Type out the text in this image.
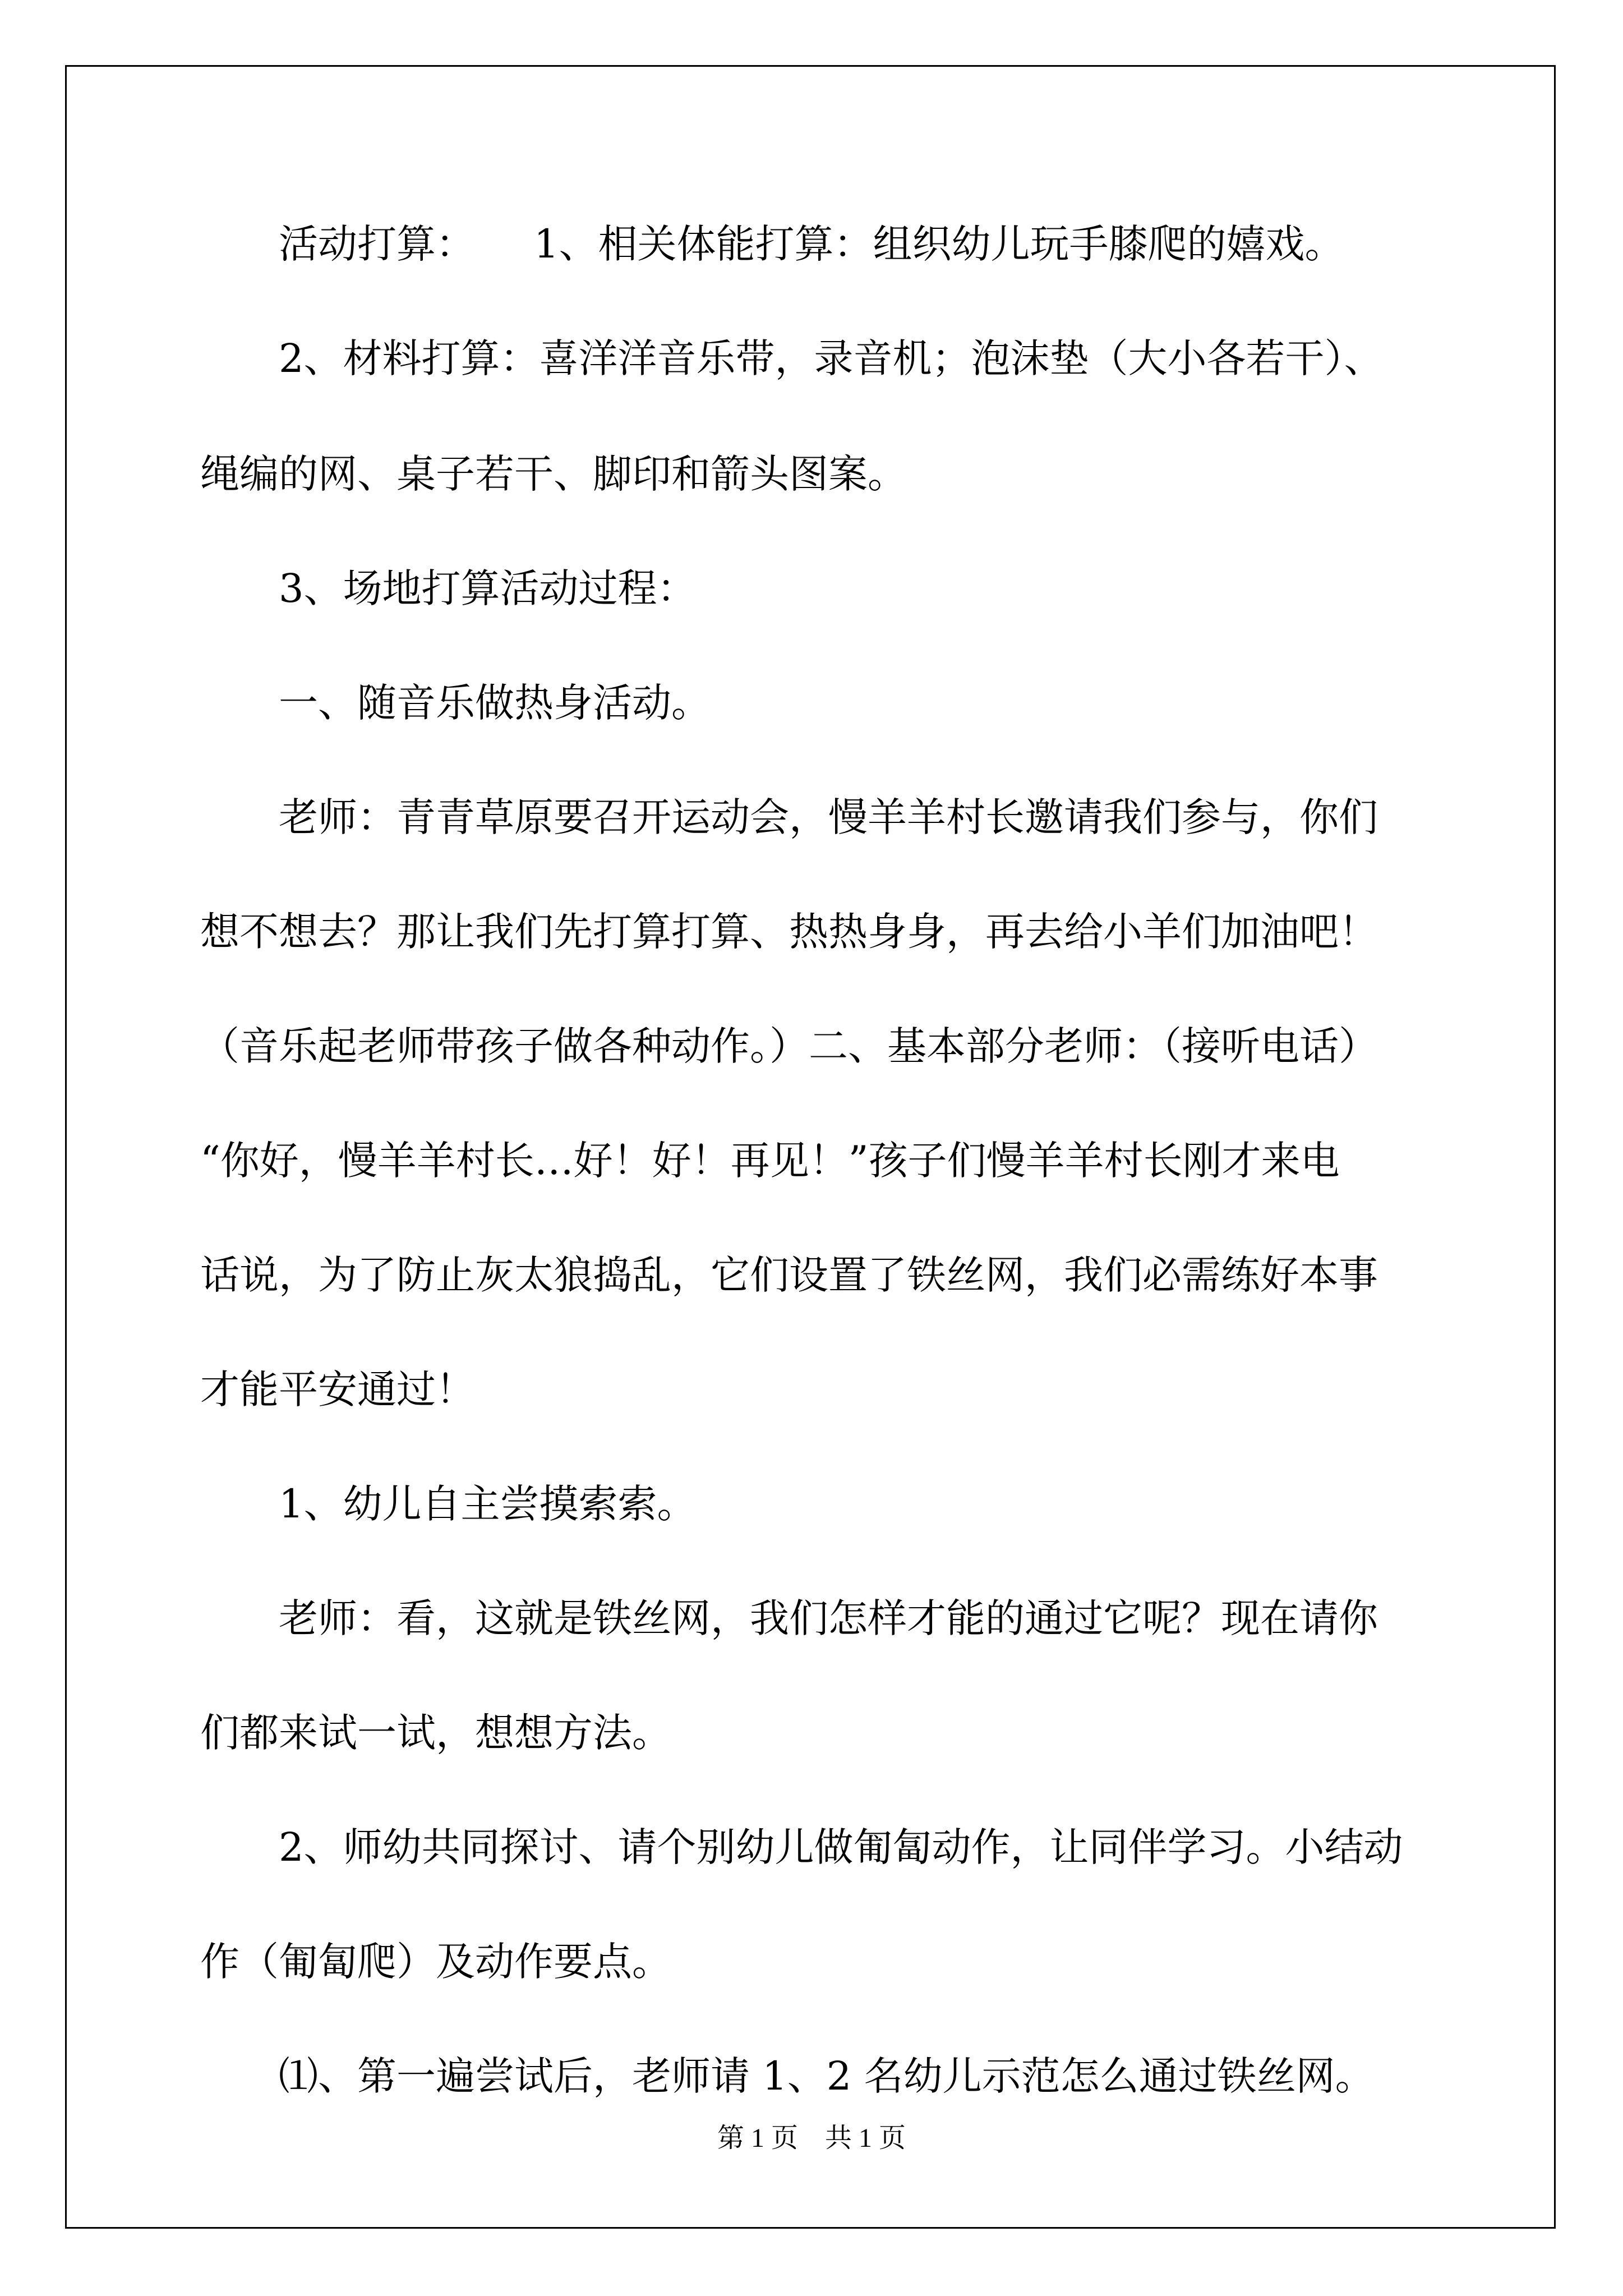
　　活动打算：　　1、相关体能打算：组织幼儿玩手膝爬的嬉戏。
　　2、材料打算：喜洋洋音乐带，录音机；泡沫垫（大小各若干）、
绳编的网、桌子若干、脚印和箭头图案。
　　3、场地打算活动过程：
　　一、随音乐做热身活动。
　　老师：青青草原要召开运动会，慢羊羊村长邀请我们参与，你们
想不想去？那让我们先打算打算、热热身身，再去给小羊们加油吧！
（音乐起老师带孩子做各种动作。）二、基本部分老师：（接听电话）
“你好，慢羊羊村长…好！好！再见！”孩子们慢羊羊村长刚才来电
话说，为了防止灰太狼捣乱，它们设置了铁丝网，我们必需练好本事
才能平安通过！
　　1、幼儿自主尝摸索索。
　　老师：看，这就是铁丝网，我们怎样才能的通过它呢？现在请你
们都来试一试，想想方法。
　　2、师幼共同探讨、请个别幼儿做匍匐动作，让同伴学习。小结动
作（匍匐爬）及动作要点。
　　⑴、第一遍尝试后，老师请 1、2 名幼儿示范怎么通过铁丝网。
第 1 页 共 1 页
